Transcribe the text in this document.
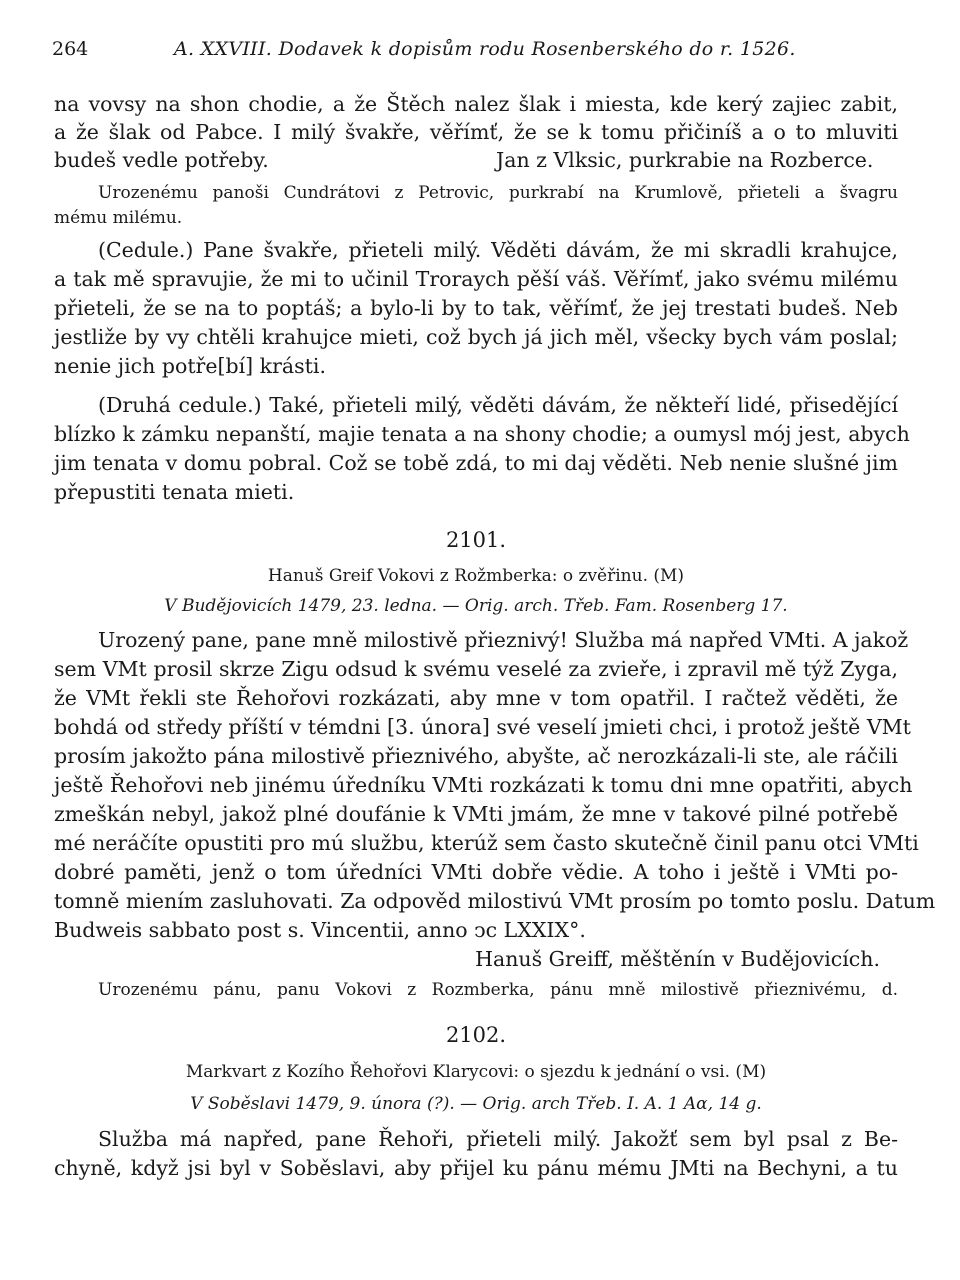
264	A. XXVIII. Dodavek k dopisům rodu Rosenberského do r. 1526.
na vovsy na shon chodie, a že Štěch nalez šlak i miesta, kde kerý zajiec zabit,
a že šlak od Pabce. I milý švakře, věřímť, že se k tomu přičiníš a o to mluviti
budeš vedle potřeby.	Jan z Vlksic, purkrabie na Rozberce.
Urozenému panoši Cundrátovi z Petrovic, purkrabí na Krumlově, přieteli a švagru
mému milému.
(Cedule.) Pane švakře, přieteli milý. Věděti dávám, že mi skradli krahujce,
a tak mě spravujie, že mi to učinil Troraych pěší váš. Věřímť, jako svému milému
přieteli, že se na to poptáš; a bylo-li by to tak, věřímť, že jej trestati budeš. Neb
jestliže by vy chtěli krahujce mieti, což bych já jich měl, všecky bych vám poslal;
nenie jich potře[bí] krásti.
(Druhá cedule.) Také, přieteli milý, věděti dávám, že někteří lidé, přisedějící
blízko k zámku nepanští, majie tenata a na shony chodie; a oumysl mój jest, abych
jim tenata v domu pobral. Což se tobě zdá, to mi daj věděti. Neb nenie slušné jim
přepustiti tenata mieti.
2101.
Hanuš Greif Vokovi z Rožmberka: o zvěřinu. (M)
V Budějovicích 1479, 23. ledna. — Orig. arch. Třeb. Fam. Rosenberg 17.
Urozený pane, pane mně milostivě přieznivý! Služba má napřed VMti. A jakož
sem VMt prosil skrze Zigu odsud k svému veselé za zvieře, i zpravil mě týž Zyga,
že VMt řekli ste Řehořovi rozkázati, aby mne v tom opatřil. I račtež věděti, že
bohdá od středy příští v témdni [3. února] své veselí jmieti chci, i protož ještě VMt
prosím jakožto pána milostivě přieznivého, abyšte, ač nerozkázali-li ste, ale ráčili
ještě Řehořovi neb jinému úředníku VMti rozkázati k tomu dni mne opatřiti, abych
zmeškán nebyl, jakož plné doufánie k VMti jmám, že mne v takové pilné potřebě
mé neráčíte opustiti pro mú službu, kterúž sem často skutečně činil panu otci VMti
dobré paměti, jenž o tom úředníci VMti dobře vědie. A toho i ještě i VMti po-
tomně miením zasluhovati. Za odpověd milostivú VMt prosím po tomto poslu. Datum
Budweis sabbato post s. Vincentii, anno ↄc LXXIX°.
Hanuš Greiff, měštěnín v Budějovicích.
Urozenému pánu, panu Vokovi z Rozmberka, pánu mně milostivě přieznivému, d.
2102.
Markvart z Kozího Řehořovi Klarycovi: o sjezdu k jednání o vsi. (M)
V Soběslavi 1479, 9. února (?). — Orig. arch Třeb. I. A. 1 Aα, 14 g.
Služba má napřed, pane Řehoři, přieteli milý. Jakožť sem byl psal z Be-
chyně, když jsi byl v Soběslavi, aby přijel ku pánu mému JMti na Bechyni, a tu
